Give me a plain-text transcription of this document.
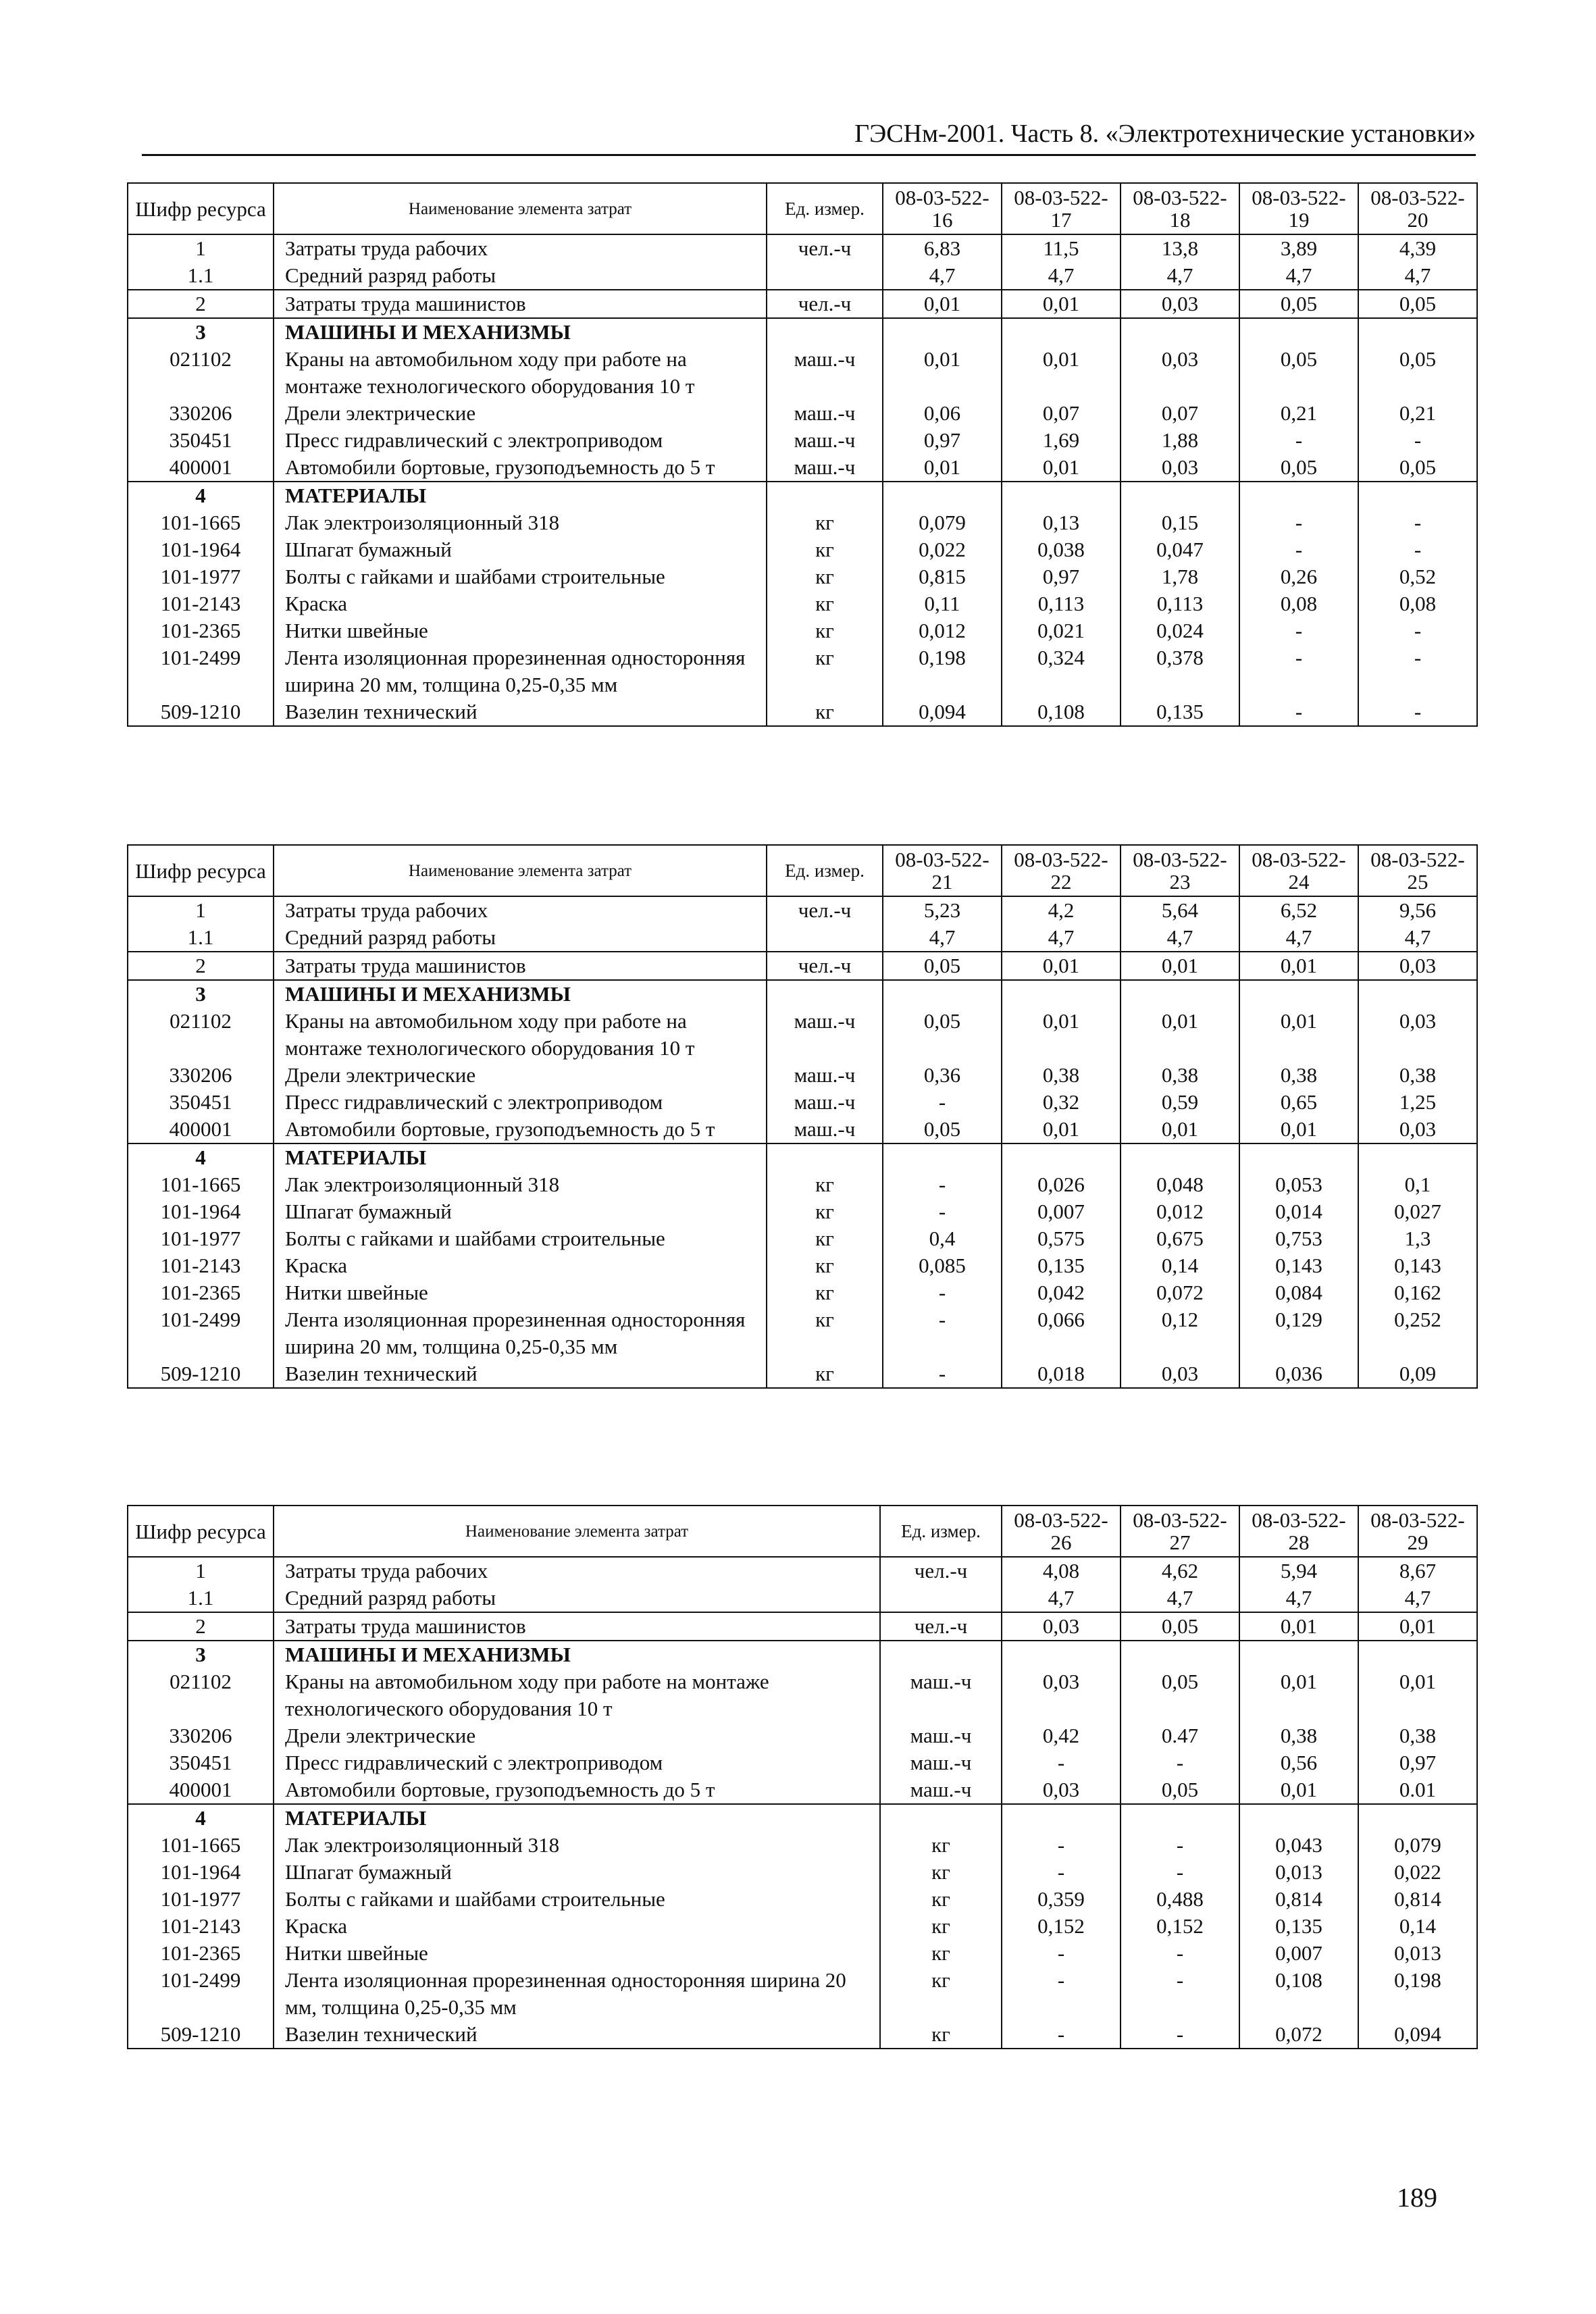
ГЭСНм-2001. Часть 8. «Электротехнические установки»
Шифр ресурса	Наименование элемента затрат	Ед. измер.	08-03-522-16	08-03-522-17	08-03-522-18	08-03-522-19	08-03-522-20
1	Затраты труда рабочих	чел.-ч	6,83	11,5	13,8	3,89	4,39
1.1	Средний разряд работы		4,7	4,7	4,7	4,7	4,7
2	Затраты труда машинистов	чел.-ч	0,01	0,01	0,03	0,05	0,05
3	МАШИНЫ И МЕХАНИЗМЫ						
021102	Краны на автомобильном ходу при работе на монтаже технологического оборудования 10 т	маш.-ч	0,01	0,01	0,03	0,05	0,05
330206	Дрели электрические	маш.-ч	0,06	0,07	0,07	0,21	0,21
350451	Пресс гидравлический с электроприводом	маш.-ч	0,97	1,69	1,88	-	-
400001	Автомобили бортовые, грузоподъемность до 5 т	маш.-ч	0,01	0,01	0,03	0,05	0,05
4	МАТЕРИАЛЫ						
101-1665	Лак электроизоляционный 318	кг	0,079	0,13	0,15	-	-
101-1964	Шпагат бумажный	кг	0,022	0,038	0,047	-	-
101-1977	Болты с гайками и шайбами строительные	кг	0,815	0,97	1,78	0,26	0,52
101-2143	Краска	кг	0,11	0,113	0,113	0,08	0,08
101-2365	Нитки швейные	кг	0,012	0,021	0,024	-	-
101-2499	Лента изоляционная прорезиненная односторонняя ширина 20 мм, толщина 0,25-0,35 мм	кг	0,198	0,324	0,378	-	-
509-1210	Вазелин технический	кг	0,094	0,108	0,135	-	-
Шифр ресурса	Наименование элемента затрат	Ед. измер.	08-03-522-21	08-03-522-22	08-03-522-23	08-03-522-24	08-03-522-25
1	Затраты труда рабочих	чел.-ч	5,23	4,2	5,64	6,52	9,56
1.1	Средний разряд работы		4,7	4,7	4,7	4,7	4,7
2	Затраты труда машинистов	чел.-ч	0,05	0,01	0,01	0,01	0,03
3	МАШИНЫ И МЕХАНИЗМЫ						
021102	Краны на автомобильном ходу при работе на монтаже технологического оборудования 10 т	маш.-ч	0,05	0,01	0,01	0,01	0,03
330206	Дрели электрические	маш.-ч	0,36	0,38	0,38	0,38	0,38
350451	Пресс гидравлический с электроприводом	маш.-ч	-	0,32	0,59	0,65	1,25
400001	Автомобили бортовые, грузоподъемность до 5 т	маш.-ч	0,05	0,01	0,01	0,01	0,03
4	МАТЕРИАЛЫ						
101-1665	Лак электроизоляционный 318	кг	-	0,026	0,048	0,053	0,1
101-1964	Шпагат бумажный	кг	-	0,007	0,012	0,014	0,027
101-1977	Болты с гайками и шайбами строительные	кг	0,4	0,575	0,675	0,753	1,3
101-2143	Краска	кг	0,085	0,135	0,14	0,143	0,143
101-2365	Нитки швейные	кг	-	0,042	0,072	0,084	0,162
101-2499	Лента изоляционная прорезиненная односторонняя ширина 20 мм, толщина 0,25-0,35 мм	кг	-	0,066	0,12	0,129	0,252
509-1210	Вазелин технический	кг	-	0,018	0,03	0,036	0,09
Шифр ресурса	Наименование элемента затрат	Ед. измер.	08-03-522-26	08-03-522-27	08-03-522-28	08-03-522-29
1	Затраты труда рабочих	чел.-ч	4,08	4,62	5,94	8,67
1.1	Средний разряд работы		4,7	4,7	4,7	4,7
2	Затраты труда машинистов	чел.-ч	0,03	0,05	0,01	0,01
3	МАШИНЫ И МЕХАНИЗМЫ					
021102	Краны на автомобильном ходу при работе на монтаже технологического оборудования 10 т	маш.-ч	0,03	0,05	0,01	0,01
330206	Дрели электрические	маш.-ч	0,42	0.47	0,38	0,38
350451	Пресс гидравлический с электроприводом	маш.-ч	-	-	0,56	0,97
400001	Автомобили бортовые, грузоподъемность до 5 т	маш.-ч	0,03	0,05	0,01	0.01
4	МАТЕРИАЛЫ					
101-1665	Лак электроизоляционный 318	кг	-	-	0,043	0,079
101-1964	Шпагат бумажный	кг	-	-	0,013	0,022
101-1977	Болты с гайками и шайбами строительные	кг	0,359	0,488	0,814	0,814
101-2143	Краска	кг	0,152	0,152	0,135	0,14
101-2365	Нитки швейные	кг	-	-	0,007	0,013
101-2499	Лента изоляционная прорезиненная односторонняя ширина 20 мм, толщина 0,25-0,35 мм	кг	-	-	0,108	0,198
509-1210	Вазелин технический	кг	-	-	0,072	0,094
189
